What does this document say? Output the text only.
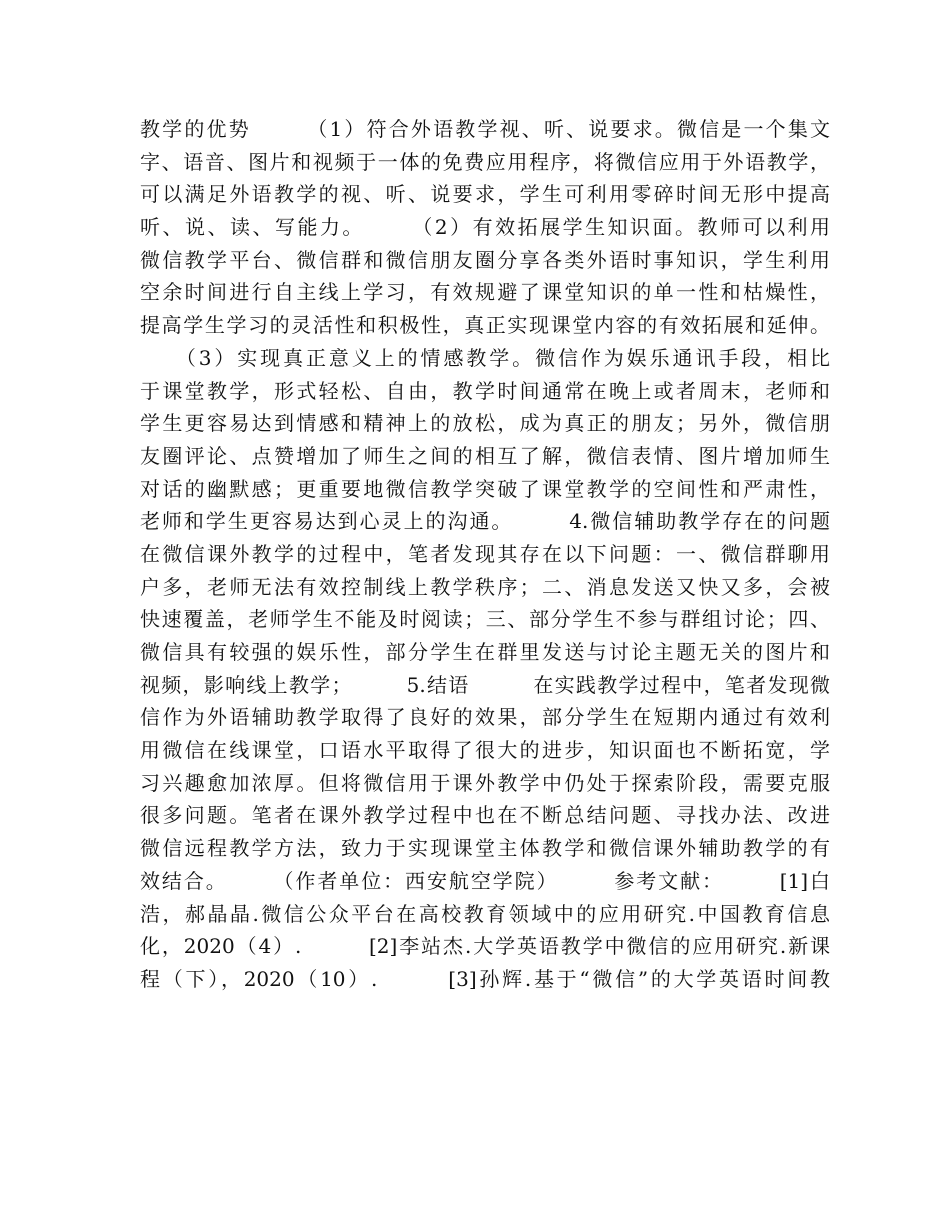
教学的优势　　　（1）符合外语教学视、听、说要求。微信是一个集文
字、语音、图片和视频于一体的免费应用程序，将微信应用于外语教学，
可以满足外语教学的视、听、说要求，学生可利用零碎时间无形中提高
听、说、读、写能力。　　　（2）有效拓展学生知识面。教师可以利用
微信教学平台、微信群和微信朋友圈分享各类外语时事知识，学生利用
空余时间进行自主线上学习，有效规避了课堂知识的单一性和枯燥性，
提高学生学习的灵活性和积极性，真正实现课堂内容的有效拓展和延伸。
　　（3）实现真正意义上的情感教学。微信作为娱乐通讯手段，相比
于课堂教学，形式轻松、自由，教学时间通常在晚上或者周末，老师和
学生更容易达到情感和精神上的放松，成为真正的朋友；另外，微信朋
友圈评论、点赞增加了师生之间的相互了解，微信表情、图片增加师生
对话的幽默感；更重要地微信教学突破了课堂教学的空间性和严肃性，
老师和学生更容易达到心灵上的沟通。　　　4.微信辅助教学存在的问题
在微信课外教学的过程中，笔者发现其存在以下问题：一、微信群聊用
户多，老师无法有效控制线上教学秩序；二、消息发送又快又多，会被
快速覆盖，老师学生不能及时阅读；三、部分学生不参与群组讨论；四、
微信具有较强的娱乐性，部分学生在群里发送与讨论主题无关的图片和
视频，影响线上教学；　　　5.结语　　　在实践教学过程中，笔者发现微
信作为外语辅助教学取得了良好的效果，部分学生在短期内通过有效利
用微信在线课堂，口语水平取得了很大的进步，知识面也不断拓宽，学
习兴趣愈加浓厚。但将微信用于课外教学中仍处于探索阶段，需要克服
很多问题。笔者在课外教学过程中也在不断总结问题、寻找办法、改进
微信远程教学方法，致力于实现课堂主体教学和微信课外辅助教学的有
效结合。　　　（作者单位：西安航空学院）　　　参考文献：　　　[1]白
浩，郝晶晶.微信公众平台在高校教育领域中的应用研究.中国教育信息
化，2020（4）.　　　[2]李站杰.大学英语教学中微信的应用研究.新课
程（下），2020（10）.　　　[3]孙辉.基于“微信”的大学英语时间教
